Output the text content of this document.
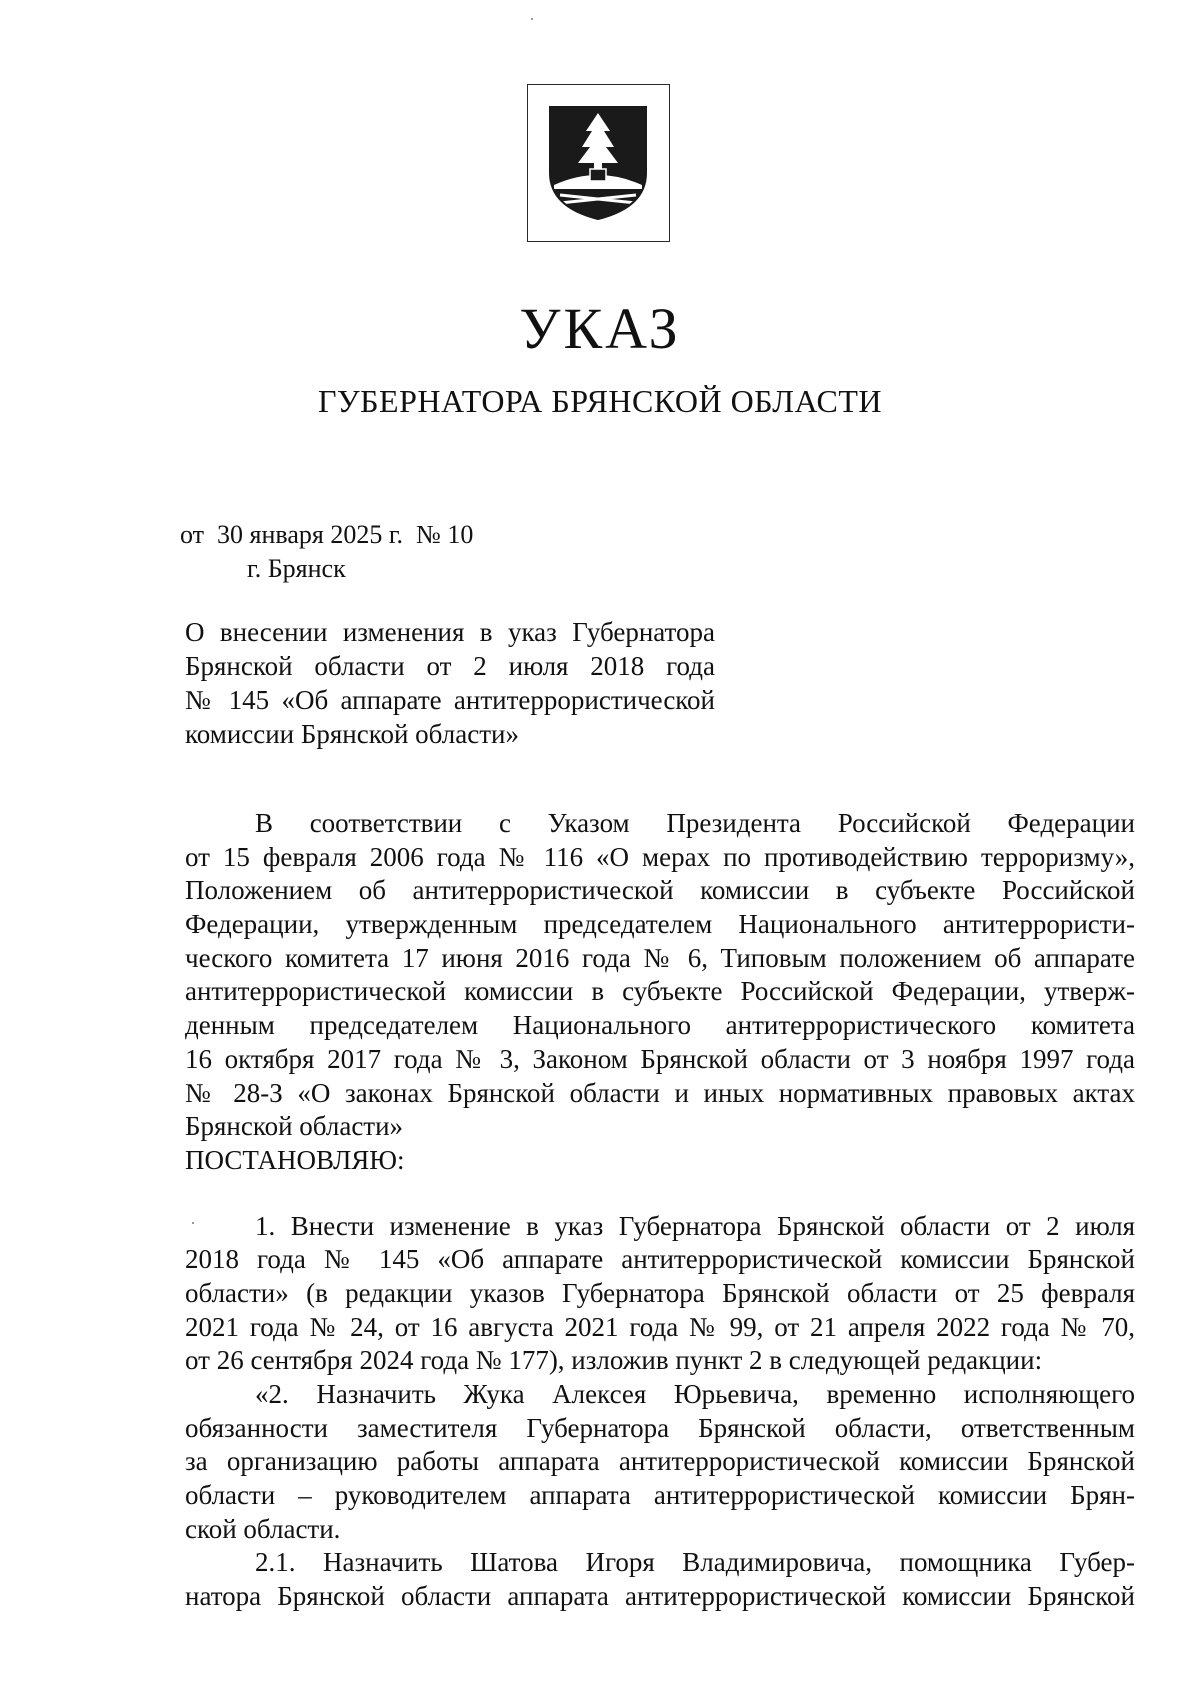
УКАЗ
ГУБЕРНАТОРА БРЯНСКОЙ ОБЛАСТИ
от  30 января 2025 г.  № 10
г. Брянск
О внесении изменения в указ Губернатора
Брянской области от 2 июля 2018 года
№ 145 «Об аппарате антитеррористической
комиссии Брянской области»
В соответствии с Указом Президента Российской Федерации
от 15 февраля 2006 года № 116 «О мерах по противодействию терроризму»,
Положением об антитеррористической комиссии в субъекте Российской
Федерации, утвержденным председателем Национального антитеррористи-
ческого комитета 17 июня 2016 года № 6, Типовым положением об аппарате
антитеррористической комиссии в субъекте Российской Федерации, утверж-
денным председателем Национального антитеррористического комитета
16 октября 2017 года № 3, Законом Брянской области от 3 ноября 1997 года
№ 28-З «О законах Брянской области и иных нормативных правовых актах
Брянской области»
ПОСТАНОВЛЯЮ:
1. Внести изменение в указ Губернатора Брянской области от 2 июля
2018 года № 145 «Об аппарате антитеррористической комиссии Брянской
области» (в редакции указов Губернатора Брянской области от 25 февраля
2021 года № 24, от 16 августа 2021 года № 99, от 21 апреля 2022 года № 70,
от 26 сентября 2024 года № 177), изложив пункт 2 в следующей редакции:
«2. Назначить Жука Алексея Юрьевича, временно исполняющего
обязанности заместителя Губернатора Брянской области, ответственным
за организацию работы аппарата антитеррористической комиссии Брянской
области – руководителем аппарата антитеррористической комиссии Брян-
ской области.
2.1. Назначить Шатова Игоря Владимировича, помощника Губер-
натора Брянской области аппарата антитеррористической комиссии Брянской
